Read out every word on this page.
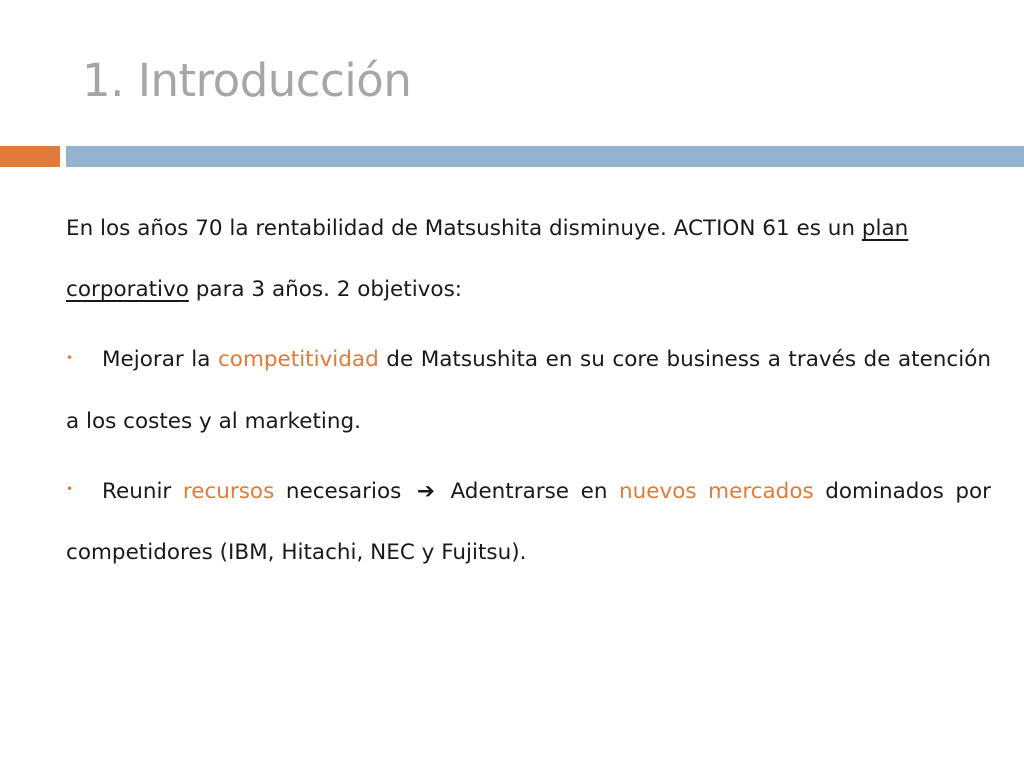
1. Introducción

En los años 70 la rentabilidad de Matsushita disminuye. ACTION 61 es un plan corporativo para 3 años. 2 objetivos:

• Mejorar la competitividad de Matsushita en su core business a través de atención a los costes y al marketing.

• Reunir recursos necesarios ➔ Adentrarse en nuevos mercados dominados por competidores (IBM, Hitachi, NEC y Fujitsu).
